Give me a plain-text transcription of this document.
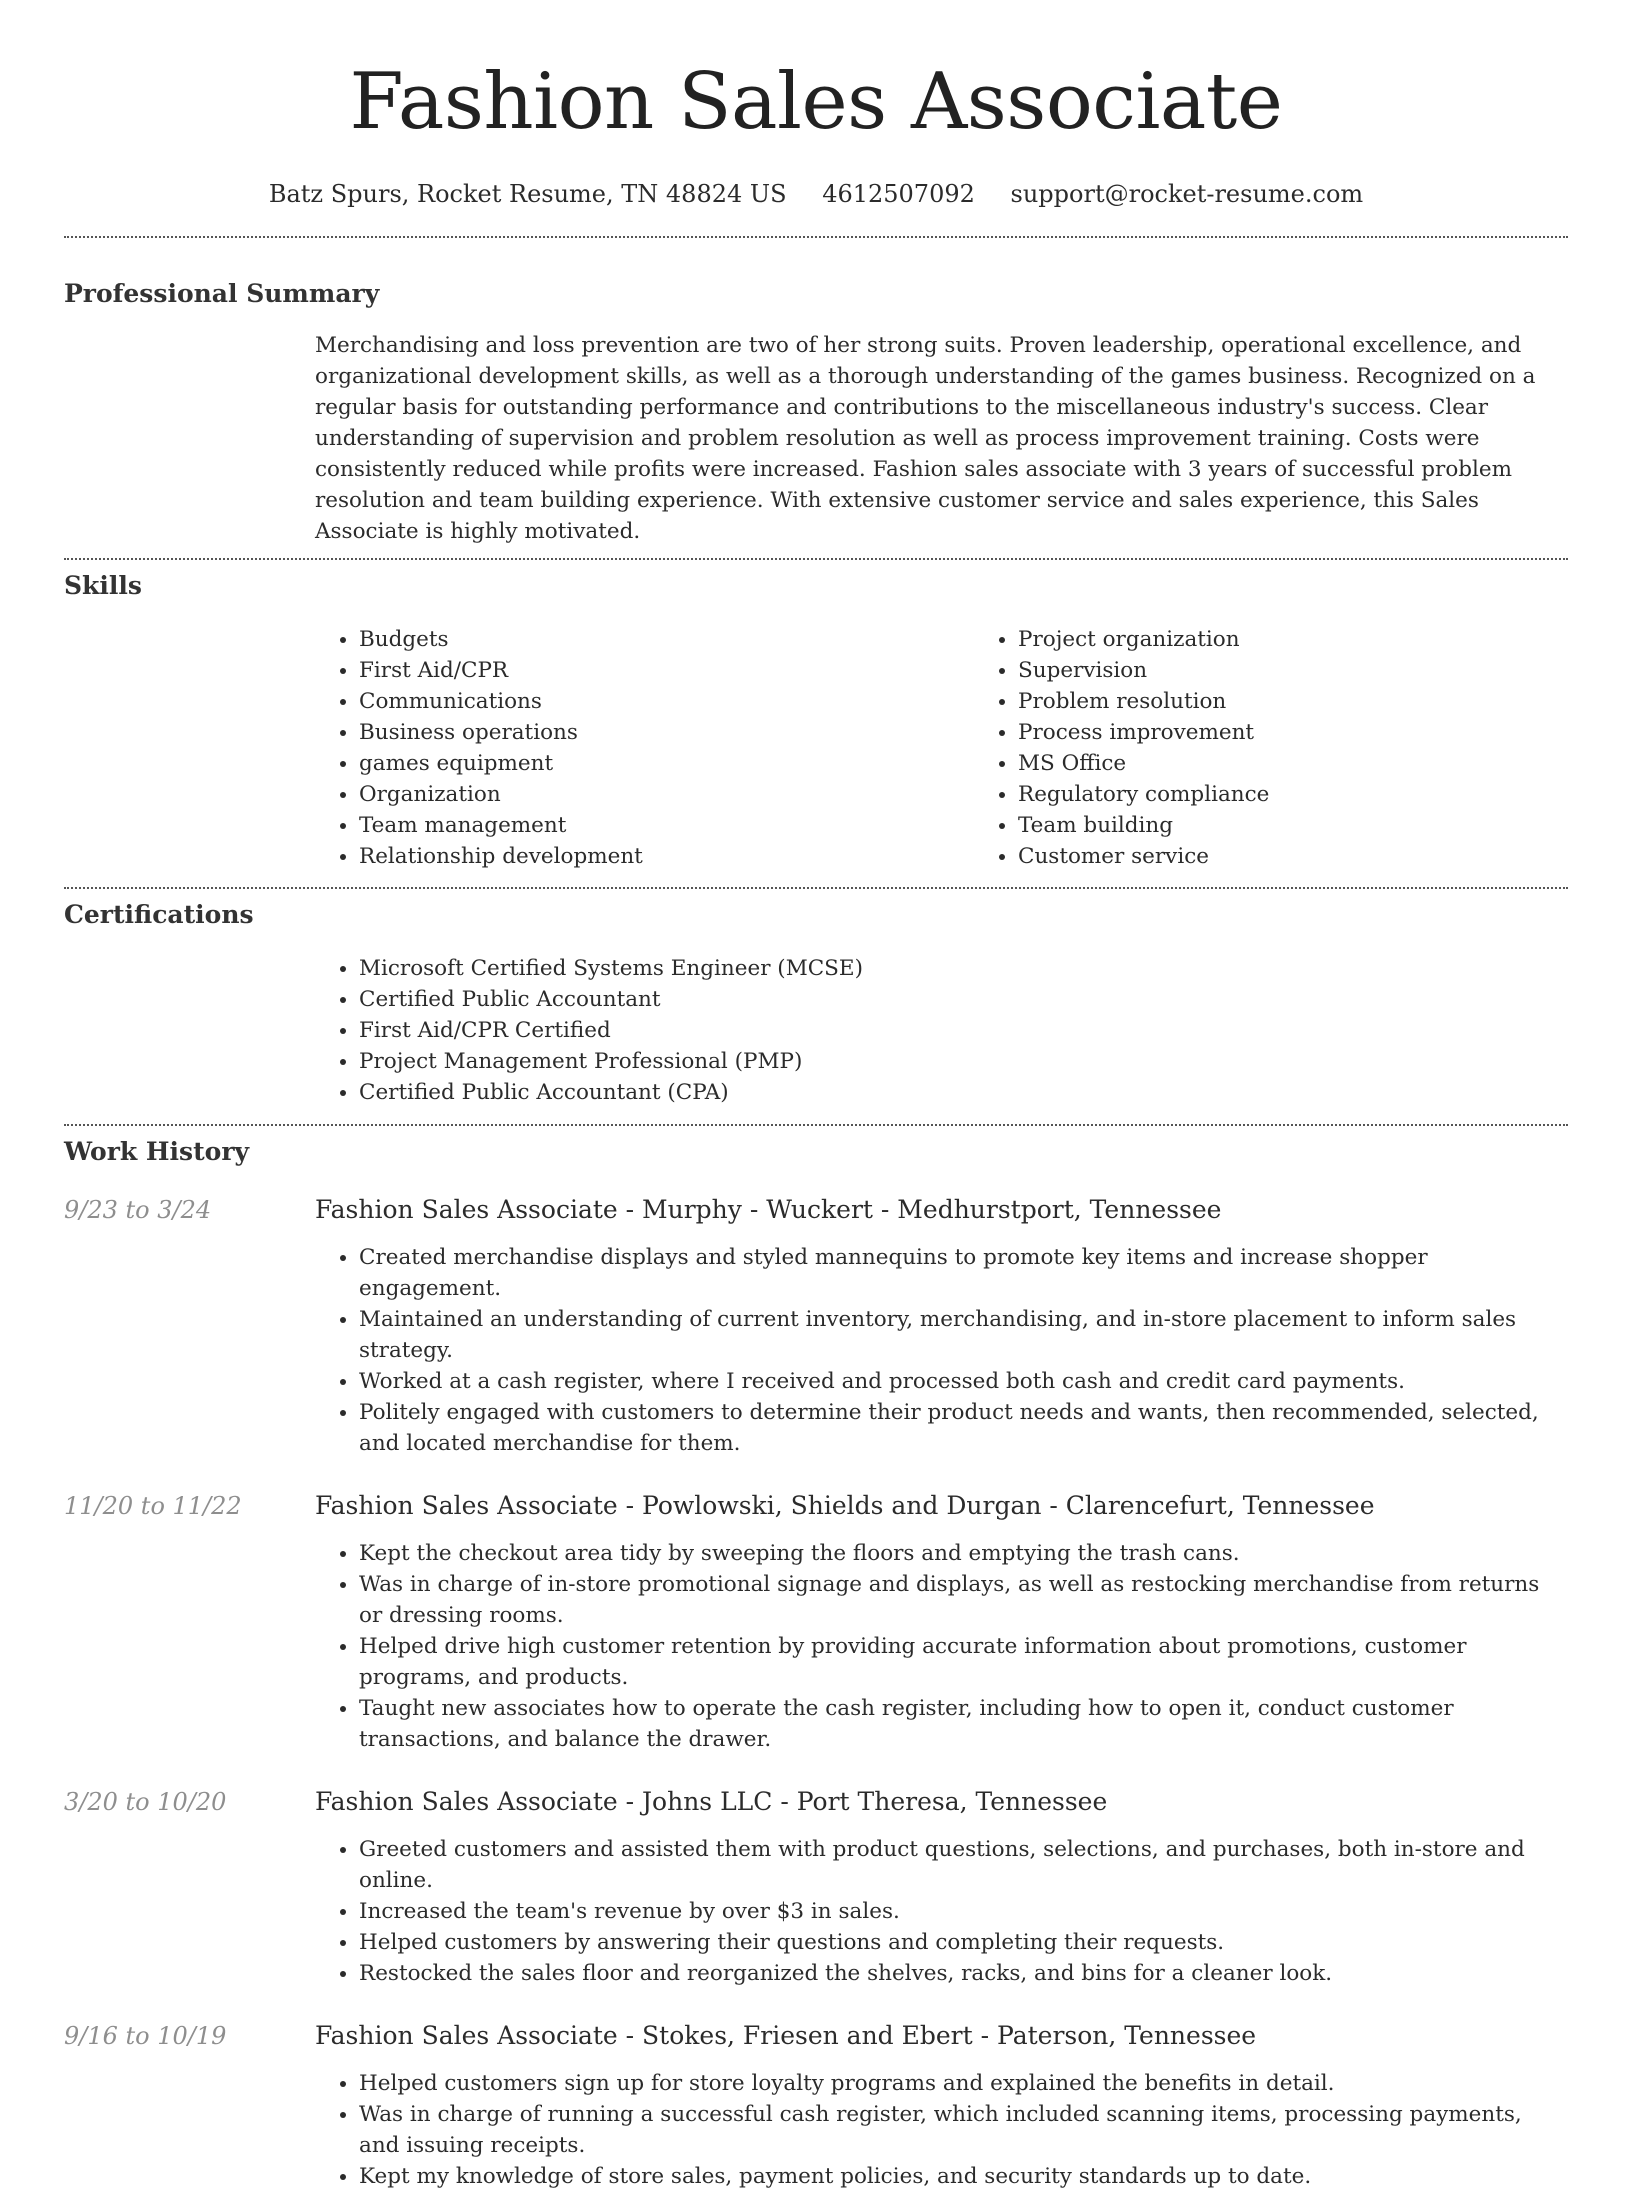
Fashion Sales Associate
Batz Spurs, Rocket Resume, TN 48824 US 4612507092 support@rocket-resume.com
Professional Summary
Merchandising and loss prevention are two of her strong suits. Proven leadership, operational excellence, and organizational development skills, as well as a thorough understanding of the games business. Recognized on a regular basis for outstanding performance and contributions to the miscellaneous industry's success. Clear understanding of supervision and problem resolution as well as process improvement training. Costs were consistently reduced while profits were increased. Fashion sales associate with 3 years of successful problem resolution and team building experience. With extensive customer service and sales experience, this Sales Associate is highly motivated.
Skills
• Budgets
• First Aid/CPR
• Communications
• Business operations
• games equipment
• Organization
• Team management
• Relationship development
• Project organization
• Supervision
• Problem resolution
• Process improvement
• MS Office
• Regulatory compliance
• Team building
• Customer service
Certifications
• Microsoft Certified Systems Engineer (MCSE)
• Certified Public Accountant
• First Aid/CPR Certified
• Project Management Professional (PMP)
• Certified Public Accountant (CPA)
Work History
9/23 to 3/24	Fashion Sales Associate - Murphy - Wuckert - Medhurstport, Tennessee
• Created merchandise displays and styled mannequins to promote key items and increase shopper engagement.
• Maintained an understanding of current inventory, merchandising, and in-store placement to inform sales strategy.
• Worked at a cash register, where I received and processed both cash and credit card payments.
• Politely engaged with customers to determine their product needs and wants, then recommended, selected, and located merchandise for them.
11/20 to 11/22	Fashion Sales Associate - Powlowski, Shields and Durgan - Clarencefurt, Tennessee
• Kept the checkout area tidy by sweeping the floors and emptying the trash cans.
• Was in charge of in-store promotional signage and displays, as well as restocking merchandise from returns or dressing rooms.
• Helped drive high customer retention by providing accurate information about promotions, customer programs, and products.
• Taught new associates how to operate the cash register, including how to open it, conduct customer transactions, and balance the drawer.
3/20 to 10/20	Fashion Sales Associate - Johns LLC - Port Theresa, Tennessee
• Greeted customers and assisted them with product questions, selections, and purchases, both in-store and online.
• Increased the team's revenue by over $3 in sales.
• Helped customers by answering their questions and completing their requests.
• Restocked the sales floor and reorganized the shelves, racks, and bins for a cleaner look.
9/16 to 10/19	Fashion Sales Associate - Stokes, Friesen and Ebert - Paterson, Tennessee
• Helped customers sign up for store loyalty programs and explained the benefits in detail.
• Was in charge of running a successful cash register, which included scanning items, processing payments, and issuing receipts.
• Kept my knowledge of store sales, payment policies, and security standards up to date.
